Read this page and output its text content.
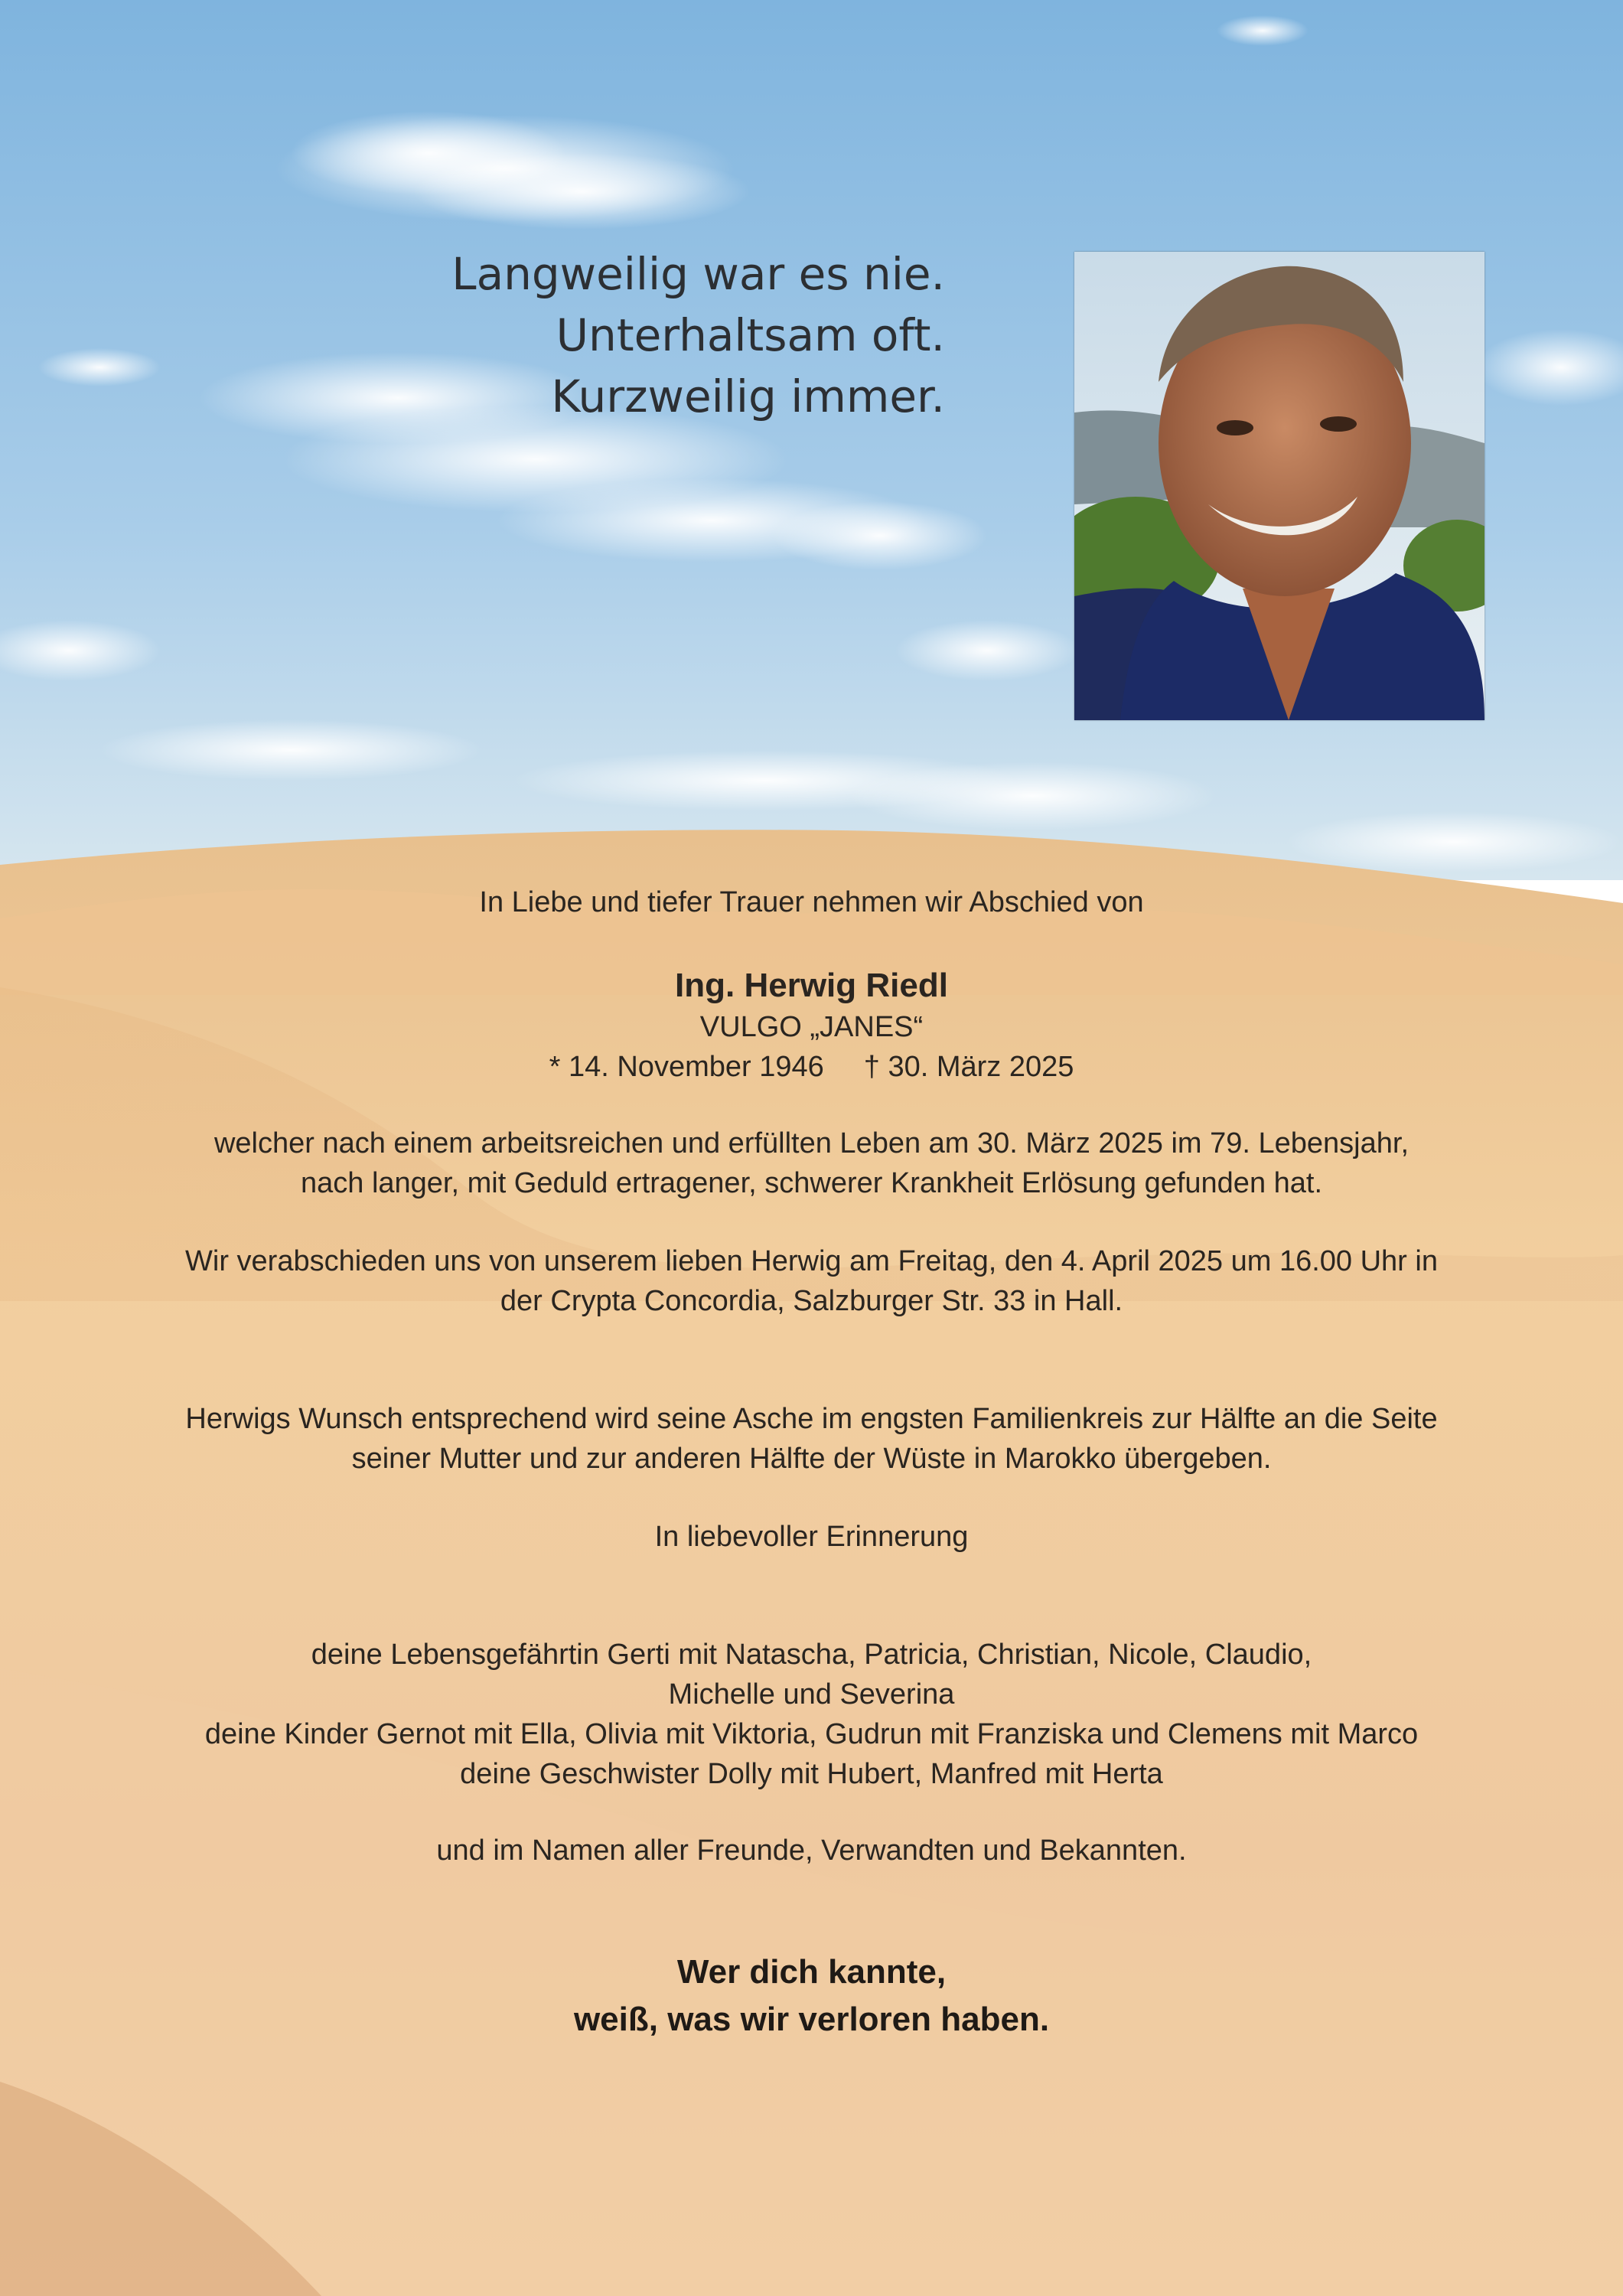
Langweilig war es nie.
Unterhaltsam oft.
Kurzweilig immer.
In Liebe und tiefer Trauer nehmen wir Abschied von
Ing. Herwig Riedl
VULGO „JANES“
* 14. November 1946 † 30. März 2025
welcher nach einem arbeitsreichen und erfüllten Leben am 30. März 2025 im 79. Lebensjahr,
nach langer, mit Geduld ertragener, schwerer Krankheit Erlösung gefunden hat.
Wir verabschieden uns von unserem lieben Herwig am Freitag, den 4. April 2025 um 16.00 Uhr in
der Crypta Concordia, Salzburger Str. 33 in Hall.
Herwigs Wunsch entsprechend wird seine Asche im engsten Familienkreis zur Hälfte an die Seite
seiner Mutter und zur anderen Hälfte der Wüste in Marokko übergeben.
In liebevoller Erinnerung
deine Lebensgefährtin Gerti mit Natascha, Patricia, Christian, Nicole, Claudio,
Michelle und Severina
deine Kinder Gernot mit Ella, Olivia mit Viktoria, Gudrun mit Franziska und Clemens mit Marco
deine Geschwister Dolly mit Hubert, Manfred mit Herta
und im Namen aller Freunde, Verwandten und Bekannten.
Wer dich kannte,
weiß, was wir verloren haben.
